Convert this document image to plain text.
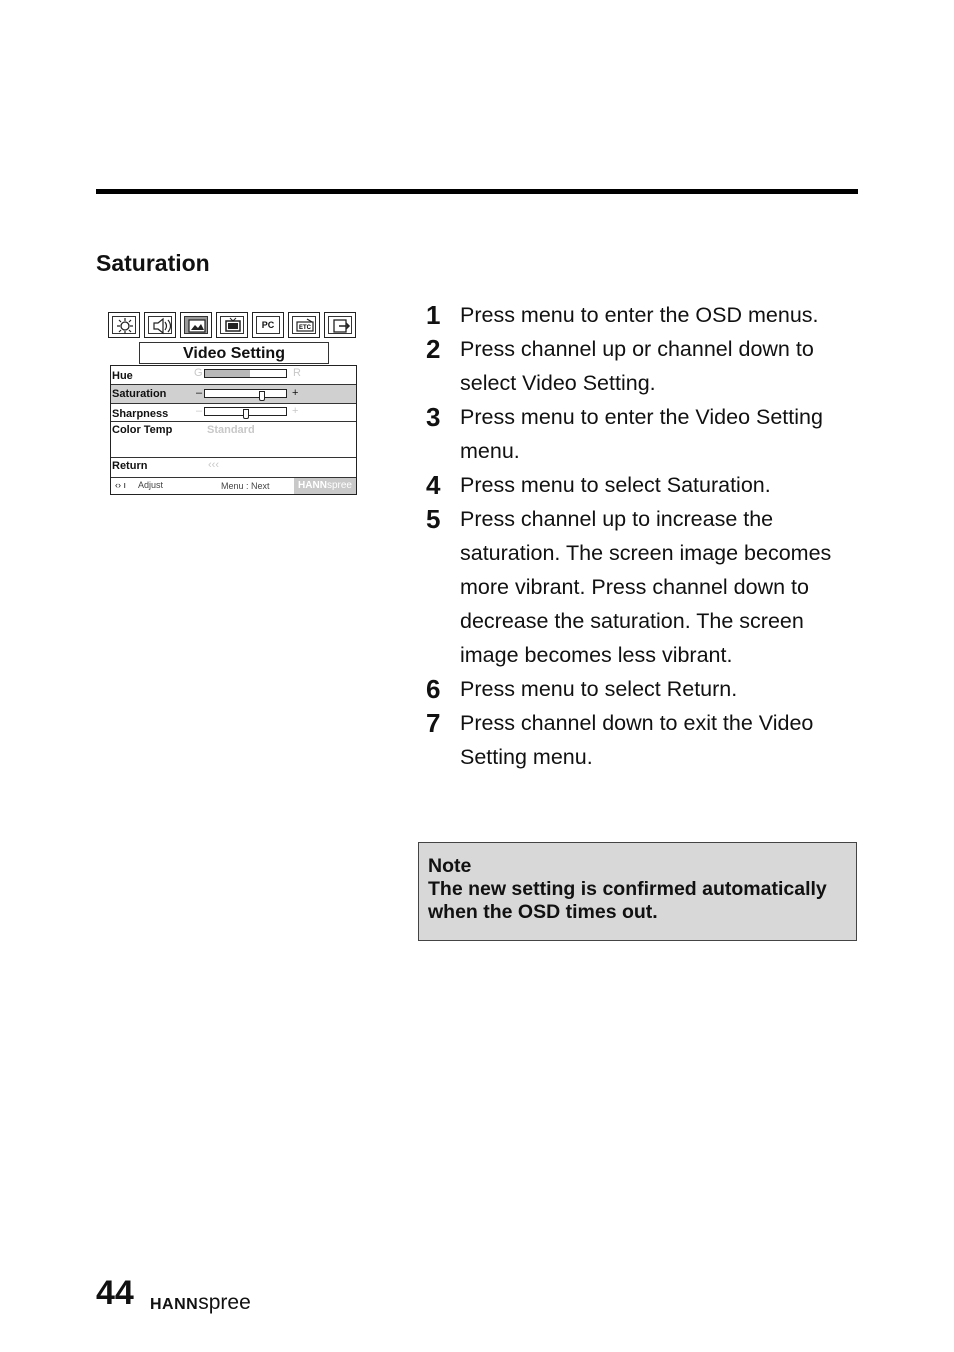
Saturation
PC	ETC
Video Setting
Hue	G	R
Saturation	–	+
Sharpness	–	+
Color Temp	Standard
Return	‹‹‹
‹› ı Adjust	Menu : Next	HANNspree
1 Press menu to enter the OSD menus.
2 Press channel up or channel down to select Video Setting.
3 Press menu to enter the Video Setting menu.
4 Press menu to select Saturation.
5 Press channel up to increase the saturation. The screen image becomes more vibrant. Press channel down to decrease the saturation. The screen image becomes less vibrant.
6 Press menu to select Return.
7 Press channel down to exit the Video Setting menu.
Note
The new setting is confirmed automatically when the OSD times out.
44 HANNspree
